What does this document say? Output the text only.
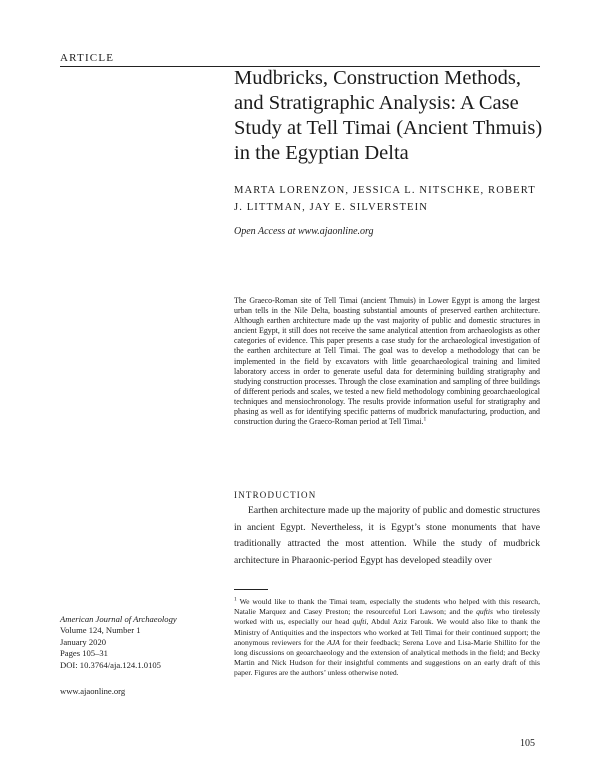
ARTICLE
Mudbricks, Construction Methods, and Stratigraphic Analysis: A Case Study at Tell Timai (Ancient Thmuis) in the Egyptian Delta

MARTA LORENZON, JESSICA L. NITSCHKE, ROBERT J. LITTMAN, JAY E. SILVERSTEIN

Open Access at www.ajaonline.org

The Graeco-Roman site of Tell Timai (ancient Thmuis) in Lower Egypt is among the largest urban tells in the Nile Delta, boasting substantial amounts of preserved earthen architecture. Although earthen architecture made up the vast majority of public and domestic structures in ancient Egypt, it still does not receive the same analytical attention from archaeologists as other categories of evidence. This paper presents a case study for the archaeological investigation of the earthen architecture at Tell Timai. The goal was to develop a methodology that can be implemented in the field by excavators with little geoarchaeological training and limited laboratory access in order to generate useful data for determining building stratigraphy and studying construction processes. Through the close examination and sampling of three buildings of different periods and scales, we tested a new field methodology combining geoarchaeological techniques and mensiochronology. The results provide information useful for stratigraphy and phasing as well as for identifying specific patterns of mudbrick manufacturing, production, and construction during the Graeco-Roman period at Tell Timai.$^1$

INTRODUCTION

Earthen architecture made up the majority of public and domestic structures in ancient Egypt. Nevertheless, it is Egypt’s stone monuments that have traditionally attracted the most attention. While the study of mudbrick architecture in Pharaonic-period Egypt has developed steadily over

$^1$ We would like to thank the Timai team, especially the students who helped with this research, Natalie Marquez and Casey Preston; the resourceful Lori Lawson; and the quftis who tirelessly worked with us, especially our head qufti, Abdul Aziz Farouk. We would also like to thank the Ministry of Antiquities and the inspectors who worked at Tell Timai for their continued support; the anonymous reviewers for the AJA for their feedback; Serena Love and Lisa-Marie Shillito for the long discussions on geoarchaeology and the extension of analytical methods in the field; and Becky Martin and Nick Hudson for their insightful comments and suggestions on an early draft of this paper. Figures are the authors’ unless otherwise noted.

American Journal of Archaeology
Volume 124, Number 1
January 2020
Pages 105–31
DOI: 10.3764/aja.124.1.0105
www.ajaonline.org
105
